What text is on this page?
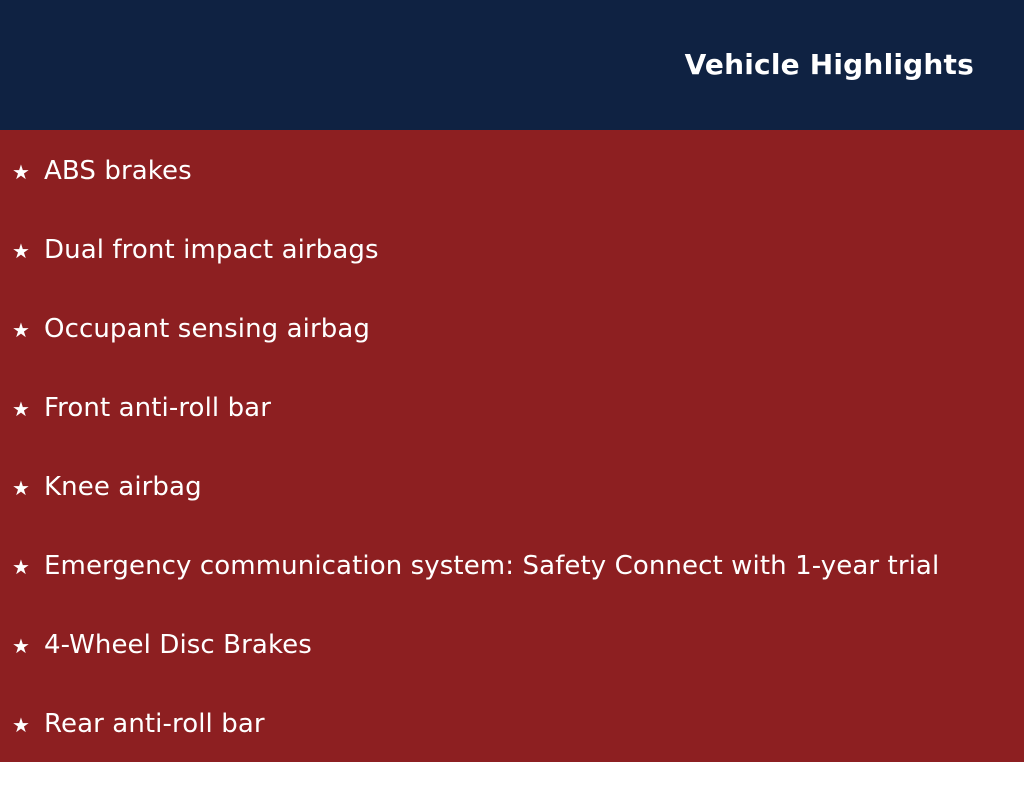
Vehicle Highlights
★ ABS brakes
★ Dual front impact airbags
★ Occupant sensing airbag
★ Front anti-roll bar
★ Knee airbag
★ Emergency communication system: Safety Connect with 1-year trial
★ 4-Wheel Disc Brakes
★ Rear anti-roll bar
